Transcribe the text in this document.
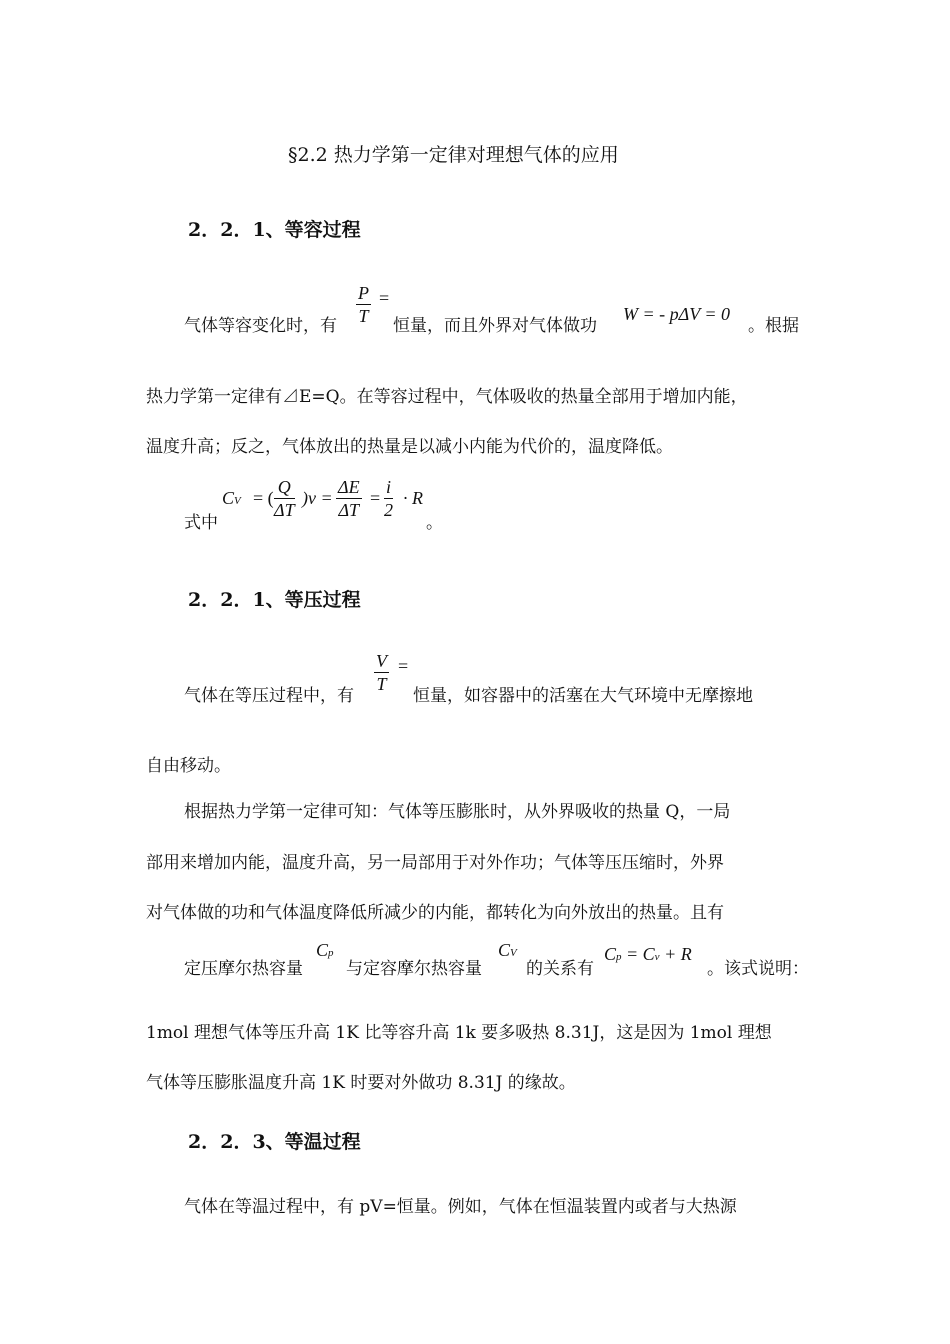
§2.2 热力学第一定律对理想气体的应用
2．2．1、等容过程
气体等容变化时，有 $\frac{P}{T}$ =
恒量，而且外界对气体做功
W = - pΔV = 0
。根据
热力学第一定律有⊿E=Q。在等容过程中，气体吸收的热量全部用于增加内能，
温度升高；反之，气体放出的热量是以减小内能为代价的，温度降低。
式中
CV = ( $\frac{Q}{\Delta T} )v = \frac{\Delta E}{\Delta T} = \frac{i}{2} \cdot R$
。
2．2．1、等压过程
气体在等压过程中，有
$\frac{V}{T}$ =
恒量，如容器中的活塞在大气环境中无摩擦地
自由移动。
根据热力学第一定律可知：气体等压膨胀时，从外界吸收的热量 Q，一局
部用来增加内能，温度升高，另一局部用于对外作功；气体等压压缩时，外界
对气体做的功和气体温度降低所减少的内能，都转化为向外放出的热量。且有
定压摩尔热容量
Cp
与定容摩尔热容量
CV
的关系有
Cp = Cv + R
。该式说明：
1mol 理想气体等压升高 1K 比等容升高 1k 要多吸热 8.31J，这是因为 1mol 理想
气体等压膨胀温度升高 1K 时要对外做功 8.31J 的缘故。
2．2．3、等温过程
气体在等温过程中，有 pV=恒量。例如，气体在恒温装置内或者与大热源
